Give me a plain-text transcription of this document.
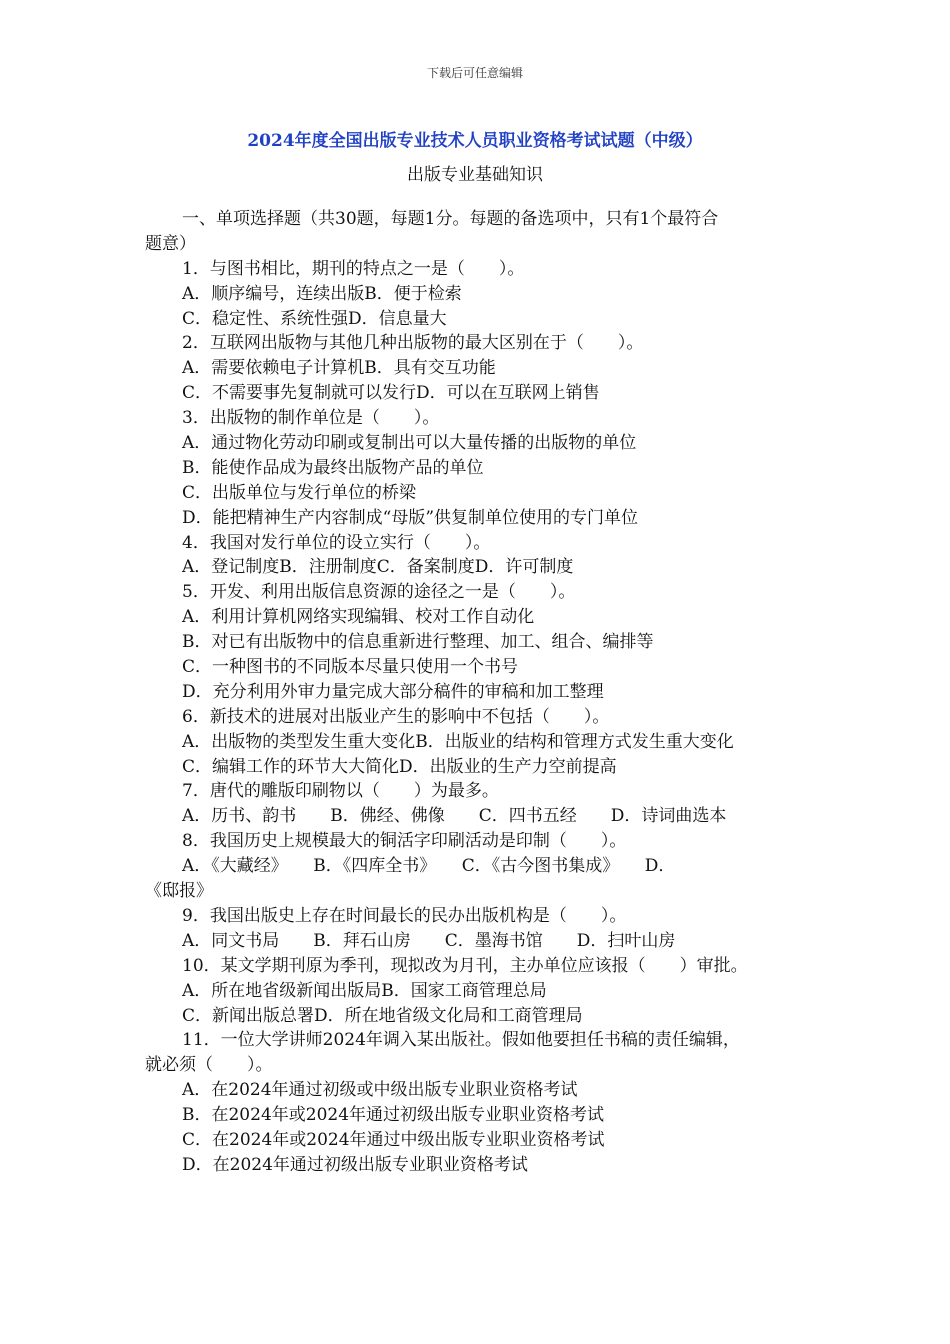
下载后可任意编辑
2024年度全国出版专业技术人员职业资格考试试题（中级）
出版专业基础知识
一、单项选择题（共30题，每题1分。每题的备选项中，只有1个最符合
题意）
1．与图书相比，期刊的特点之一是（　　）。
A．顺序编号，连续出版B．便于检索
C．稳定性、系统性强D．信息量大
2．互联网出版物与其他几种出版物的最大区别在于（　　）。
A．需要依赖电子计算机B．具有交互功能
C．不需要事先复制就可以发行D．可以在互联网上销售
3．出版物的制作单位是（　　）。
A．通过物化劳动印刷或复制出可以大量传播的出版物的单位
B．能使作品成为最终出版物产品的单位
C．出版单位与发行单位的桥梁
D．能把精神生产内容制成“母版”供复制单位使用的专门单位
4．我国对发行单位的设立实行（　　）。
A．登记制度B．注册制度C．备案制度D．许可制度
5．开发、利用出版信息资源的途径之一是（　　）。
A．利用计算机网络实现编辑、校对工作自动化
B．对已有出版物中的信息重新进行整理、加工、组合、编排等
C．一种图书的不同版本尽量只使用一个书号
D．充分利用外审力量完成大部分稿件的审稿和加工整理
6．新技术的进展对出版业产生的影响中不包括（　　）。
A．出版物的类型发生重大变化B．出版业的结构和管理方式发生重大变化
C．编辑工作的环节大大简化D．出版业的生产力空前提高
7．唐代的雕版印刷物以（　　）为最多。
A．历书、韵书　　B．佛经、佛像　　C．四书五经　　D．诗词曲选本
8．我国历史上规模最大的铜活字印刷活动是印制（　　）。
A．《大藏经》　　B．《四库全书》　　C．《古今图书集成》　　D．
《邸报》
9．我国出版史上存在时间最长的民办出版机构是（　　）。
A．同文书局　　B．拜石山房　　C．墨海书馆　　D．扫叶山房
10．某文学期刊原为季刊，现拟改为月刊，主办单位应该报（　　）审批。
A．所在地省级新闻出版局B．国家工商管理总局
C．新闻出版总署D．所在地省级文化局和工商管理局
11．一位大学讲师2024年调入某出版社。假如他要担任书稿的责任编辑，
就必须（　　）。
A．在2024年通过初级或中级出版专业职业资格考试
B．在2024年或2024年通过初级出版专业职业资格考试
C．在2024年或2024年通过中级出版专业职业资格考试
D．在2024年通过初级出版专业职业资格考试
